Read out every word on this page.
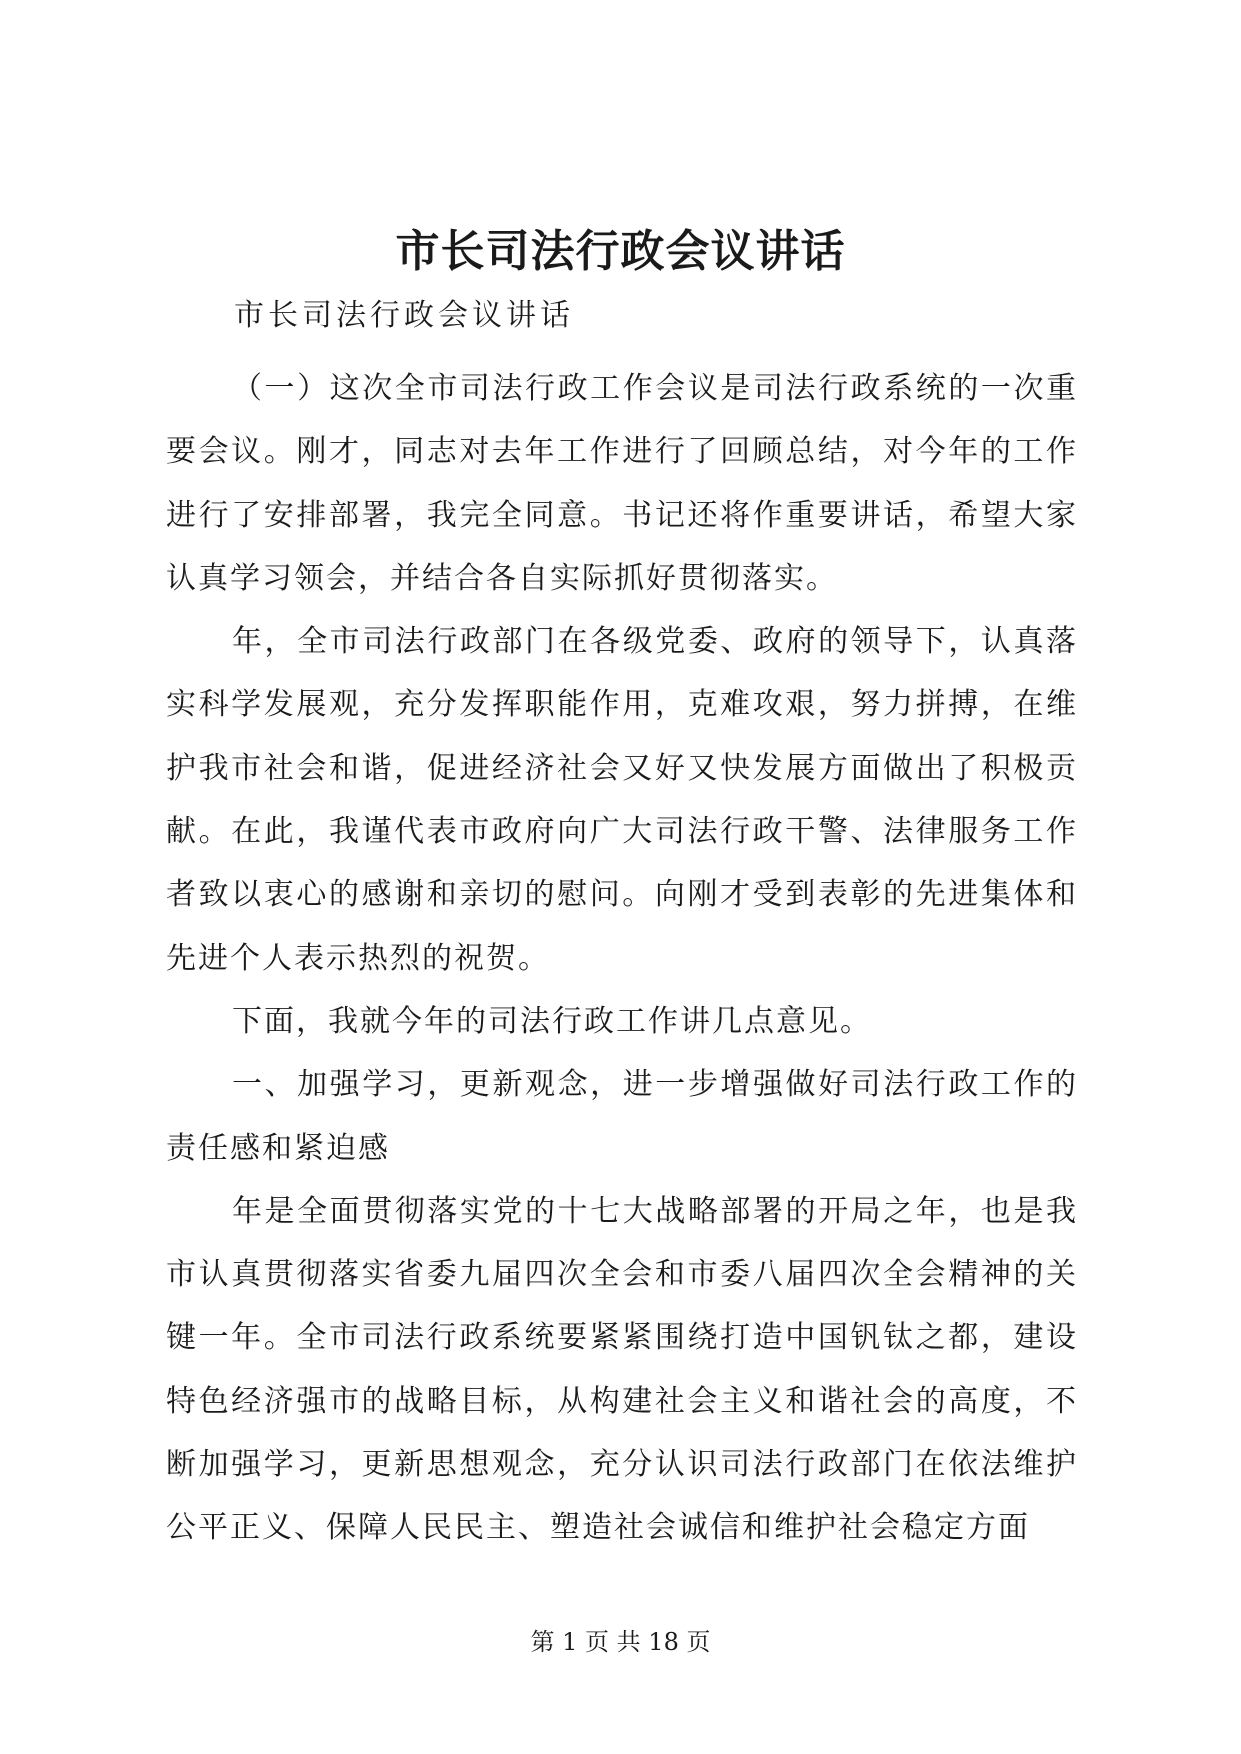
市长司法行政会议讲话

市长司法行政会议讲话

（一）这次全市司法行政工作会议是司法行政系统的一次重要会议。刚才，同志对去年工作进行了回顾总结，对今年的工作进行了安排部署，我完全同意。书记还将作重要讲话，希望大家认真学习领会，并结合各自实际抓好贯彻落实。

年，全市司法行政部门在各级党委、政府的领导下，认真落实科学发展观，充分发挥职能作用，克难攻艰，努力拼搏，在维护我市社会和谐，促进经济社会又好又快发展方面做出了积极贡献。在此，我谨代表市政府向广大司法行政干警、法律服务工作者致以衷心的感谢和亲切的慰问。向刚才受到表彰的先进集体和先进个人表示热烈的祝贺。

下面，我就今年的司法行政工作讲几点意见。

一、加强学习，更新观念，进一步增强做好司法行政工作的责任感和紧迫感

年是全面贯彻落实党的十七大战略部署的开局之年，也是我市认真贯彻落实省委九届四次全会和市委八届四次全会精神的关键一年。全市司法行政系统要紧紧围绕打造中国钒钛之都，建设特色经济强市的战略目标，从构建社会主义和谐社会的高度，不断加强学习，更新思想观念，充分认识司法行政部门在依法维护公平正义、保障人民民主、塑造社会诚信和维护社会稳定方面

第 1 页 共 18 页
